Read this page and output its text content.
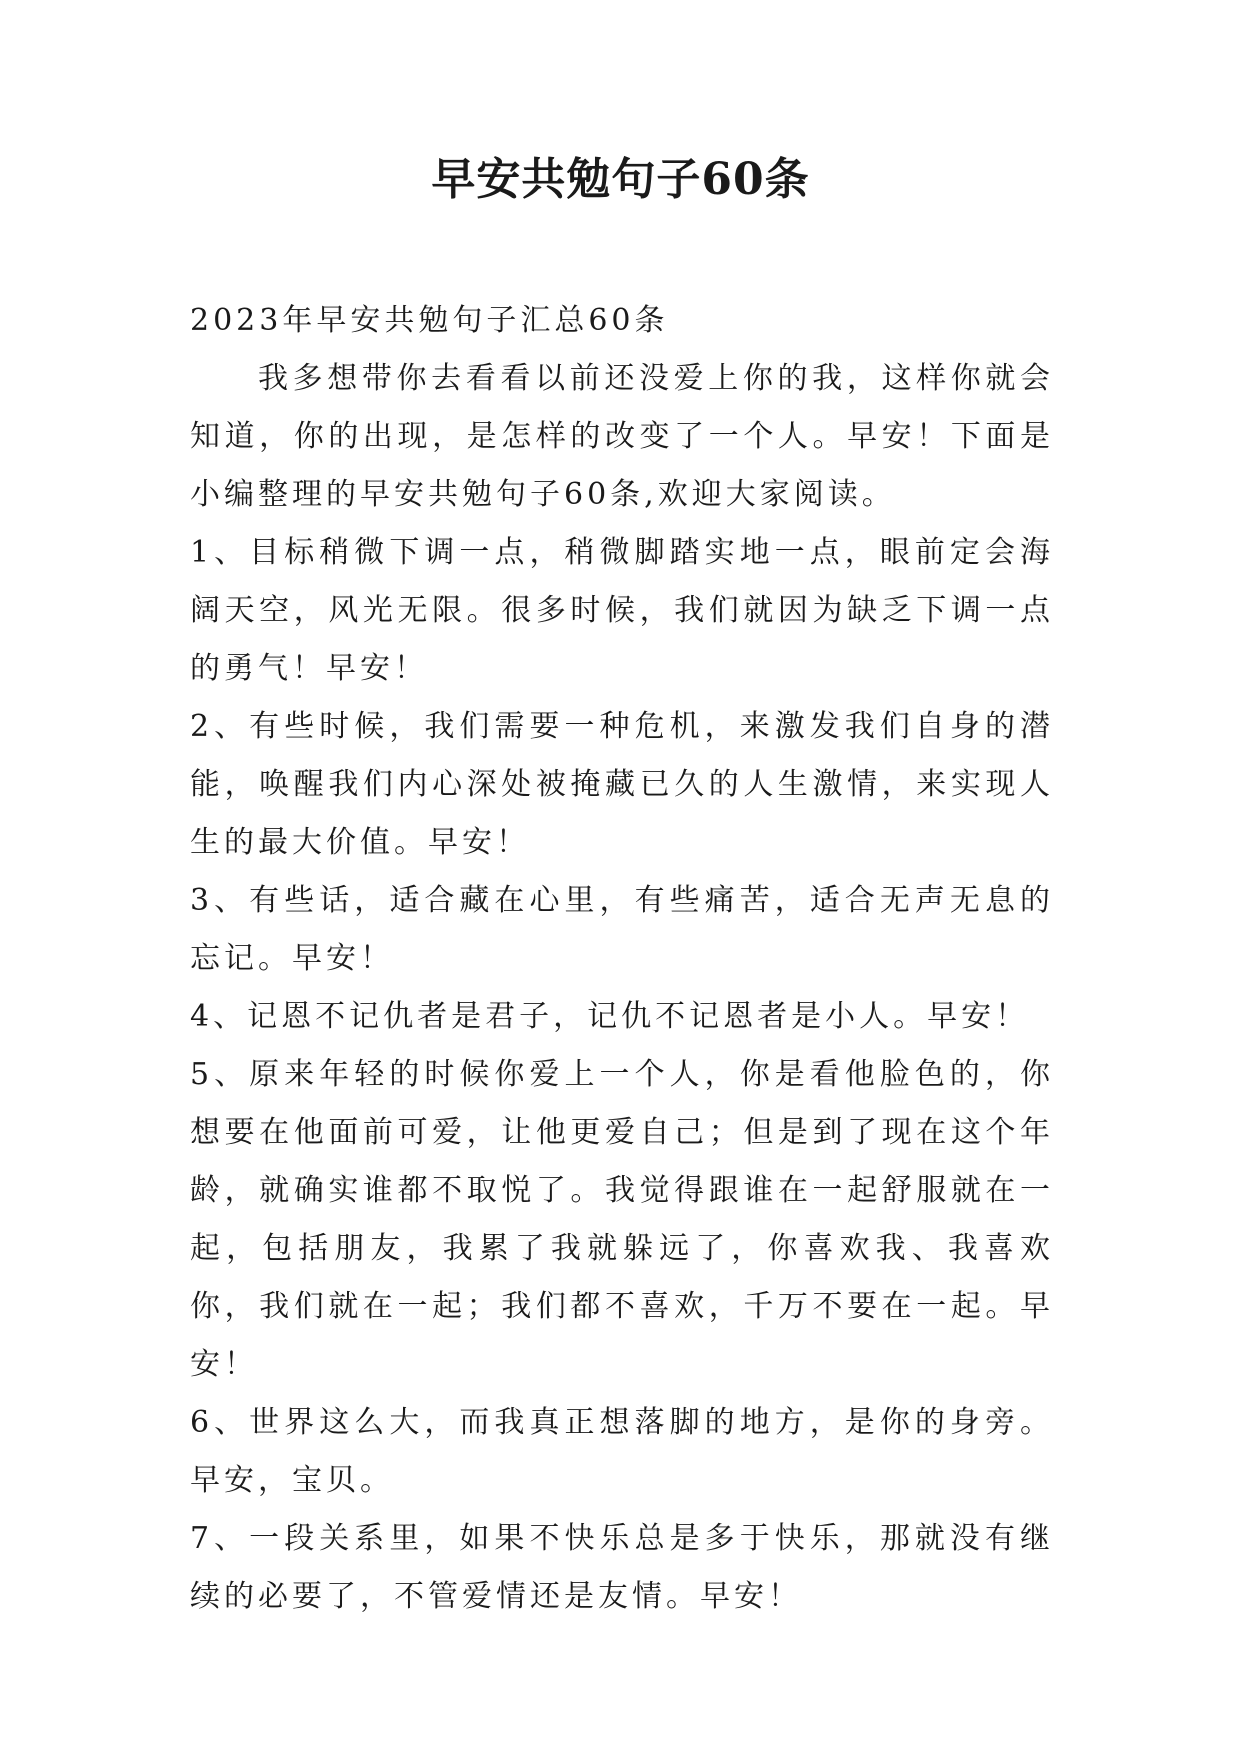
早安共勉句子60条

2023年早安共勉句子汇总60条

我多想带你去看看以前还没爱上你的我，这样你就会知道，你的出现，是怎样的改变了一个人。早安！下面是小编整理的早安共勉句子60条,欢迎大家阅读。

1、目标稍微下调一点，稍微脚踏实地一点，眼前定会海阔天空，风光无限。很多时候，我们就因为缺乏下调一点的勇气！早安！

2、有些时候，我们需要一种危机，来激发我们自身的潜能，唤醒我们内心深处被掩藏已久的人生激情，来实现人生的最大价值。早安！

3、有些话，适合藏在心里，有些痛苦，适合无声无息的忘记。早安！

4、记恩不记仇者是君子，记仇不记恩者是小人。早安！

5、原来年轻的时候你爱上一个人，你是看他脸色的，你想要在他面前可爱，让他更爱自己；但是到了现在这个年龄，就确实谁都不取悦了。我觉得跟谁在一起舒服就在一起，包括朋友，我累了我就躲远了，你喜欢我、我喜欢你，我们就在一起；我们都不喜欢，千万不要在一起。早安！

6、世界这么大，而我真正想落脚的地方，是你的身旁。早安，宝贝。

7、一段关系里，如果不快乐总是多于快乐，那就没有继续的必要了，不管爱情还是友情。早安！
